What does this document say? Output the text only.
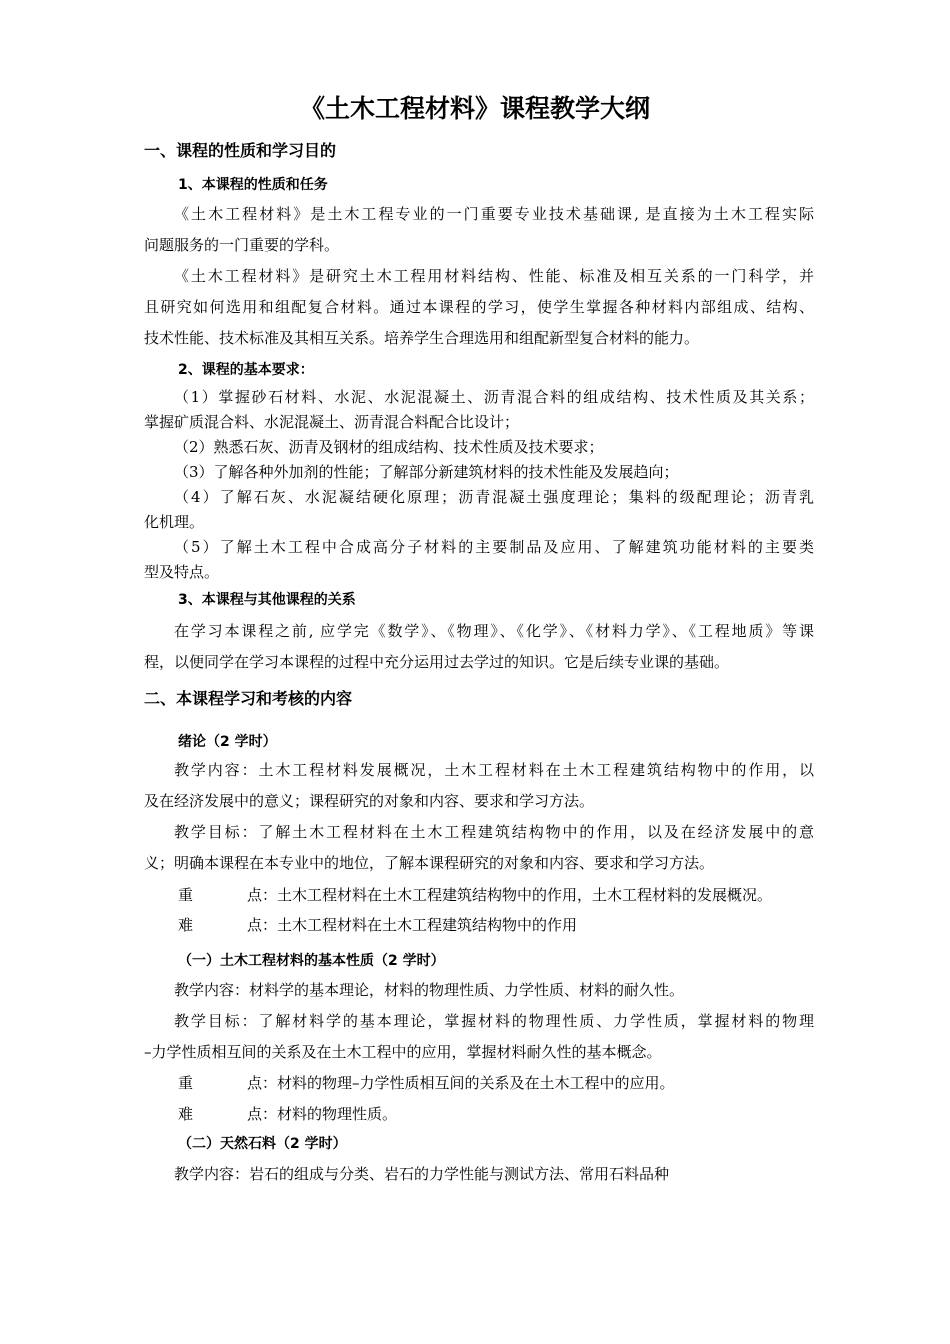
《土木工程材料》课程教学大纲
一、课程的性质和学习目的
1、本课程的性质和任务
《土木工程材料》是土木工程专业的一门重要专业技术基础课, 是直接为土木工程实际
问题服务的一门重要的学科。
《土木工程材料》是研究土木工程用材料结构、性能、标准及相互关系的一门科学，并
且研究如何选用和组配复合材料。通过本课程的学习，使学生掌握各种材料内部组成、结构、
技术性能、技术标准及其相互关系。培养学生合理选用和组配新型复合材料的能力。
2、课程的基本要求：
（1）掌握砂石材料、水泥、水泥混凝土、沥青混合料的组成结构、技术性质及其关系；
掌握矿质混合料、水泥混凝土、沥青混合料配合比设计；
（2）熟悉石灰、沥青及钢材的组成结构、技术性质及技术要求；
（3）了解各种外加剂的性能；了解部分新建筑材料的技术性能及发展趋向；
（4）了解石灰、水泥凝结硬化原理；沥青混凝土强度理论；集料的级配理论；沥青乳
化机理。
（5）了解土木工程中合成高分子材料的主要制品及应用、了解建筑功能材料的主要类
型及特点。
3、本课程与其他课程的关系
在学习本课程之前, 应学完《数学》、《物理》、《化学》、《材料力学》、《工程地质》等课
程，以便同学在学习本课程的过程中充分运用过去学过的知识。它是后续专业课的基础。
二、本课程学习和考核的内容
绪论（2 学时）
教学内容：土木工程材料发展概况，土木工程材料在土木工程建筑结构物中的作用，以
及在经济发展中的意义；课程研究的对象和内容、要求和学习方法。
教学目标：了解土木工程材料在土木工程建筑结构物中的作用，以及在经济发展中的意
义；明确本课程在本专业中的地位，了解本课程研究的对象和内容、要求和学习方法。
重点：土木工程材料在土木工程建筑结构物中的作用，土木工程材料的发展概况。
难点：土木工程材料在土木工程建筑结构物中的作用
（一）土木工程材料的基本性质（2 学时）
教学内容：材料学的基本理论，材料的物理性质、力学性质、材料的耐久性。
教学目标：了解材料学的基本理论，掌握材料的物理性质、力学性质，掌握材料的物理
–力学性质相互间的关系及在土木工程中的应用，掌握材料耐久性的基本概念。
重点：材料的物理–力学性质相互间的关系及在土木工程中的应用。
难点：材料的物理性质。
（二）天然石料（2 学时）
教学内容：岩石的组成与分类、岩石的力学性能与测试方法、常用石料品种
